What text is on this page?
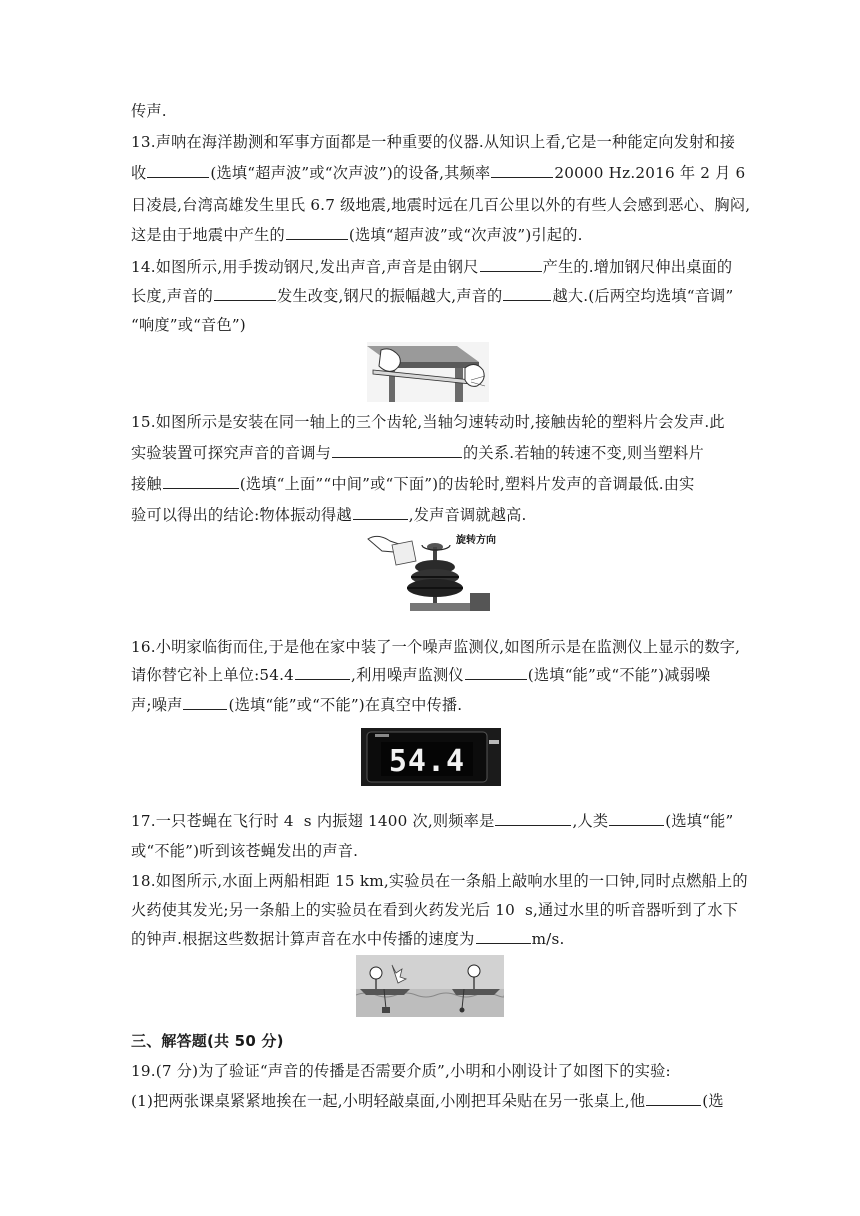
传声.
13.声呐在海洋勘测和军事方面都是一种重要的仪器.从知识上看,它是一种能定向发射和接
收	(选填“超声波”或“次声波”)的设备,其频率	20000 Hz.2016 年 2 月 6
日凌晨,台湾高雄发生里氏 6.7 级地震,地震时远在几百公里以外的有些人会感到恶心、胸闷,
这是由于地震中产生的	(选填“超声波”或“次声波”)引起的.
14.如图所示,用手拨动钢尺,发出声音,声音是由钢尺	产生的.增加钢尺伸出桌面的
长度,声音的	发生改变,钢尺的振幅越大,声音的	越大.(后两空均选填“音调”
“响度”或“音色”)
15.如图所示是安装在同一轴上的三个齿轮,当轴匀速转动时,接触齿轮的塑料片会发声.此
实验装置可探究声音的音调与	的关系.若轴的转速不变,则当塑料片
接触	(选填“上面”“中间”或“下面”)的齿轮时,塑料片发声的音调最低.由实
验可以得出的结论:物体振动得越	,发声音调就越高.
旋转方向
16.小明家临街而住,于是他在家中装了一个噪声监测仪,如图所示是在监测仪上显示的数字,
请你替它补上单位:54.4	,利用噪声监测仪	(选填“能”或“不能”)减弱噪
声;噪声	(选填“能”或“不能”)在真空中传播.
54.4
17.一只苍蝇在飞行时 4  s 内振翅 1400 次,则频率是	,人类	(选填“能”
或“不能”)听到该苍蝇发出的声音.
18.如图所示,水面上两船相距 15 km,实验员在一条船上敲响水里的一口钟,同时点燃船上的
火药使其发光;另一条船上的实验员在看到火药发光后 10  s,通过水里的听音器听到了水下
的钟声.根据这些数据计算声音在水中传播的速度为	m/s.
三、解答题(共 50 分)
19.(7 分)为了验证“声音的传播是否需要介质”,小明和小刚设计了如图下的实验:
(1)把两张课桌紧紧地挨在一起,小明轻敲桌面,小刚把耳朵贴在另一张桌上,他	(选
